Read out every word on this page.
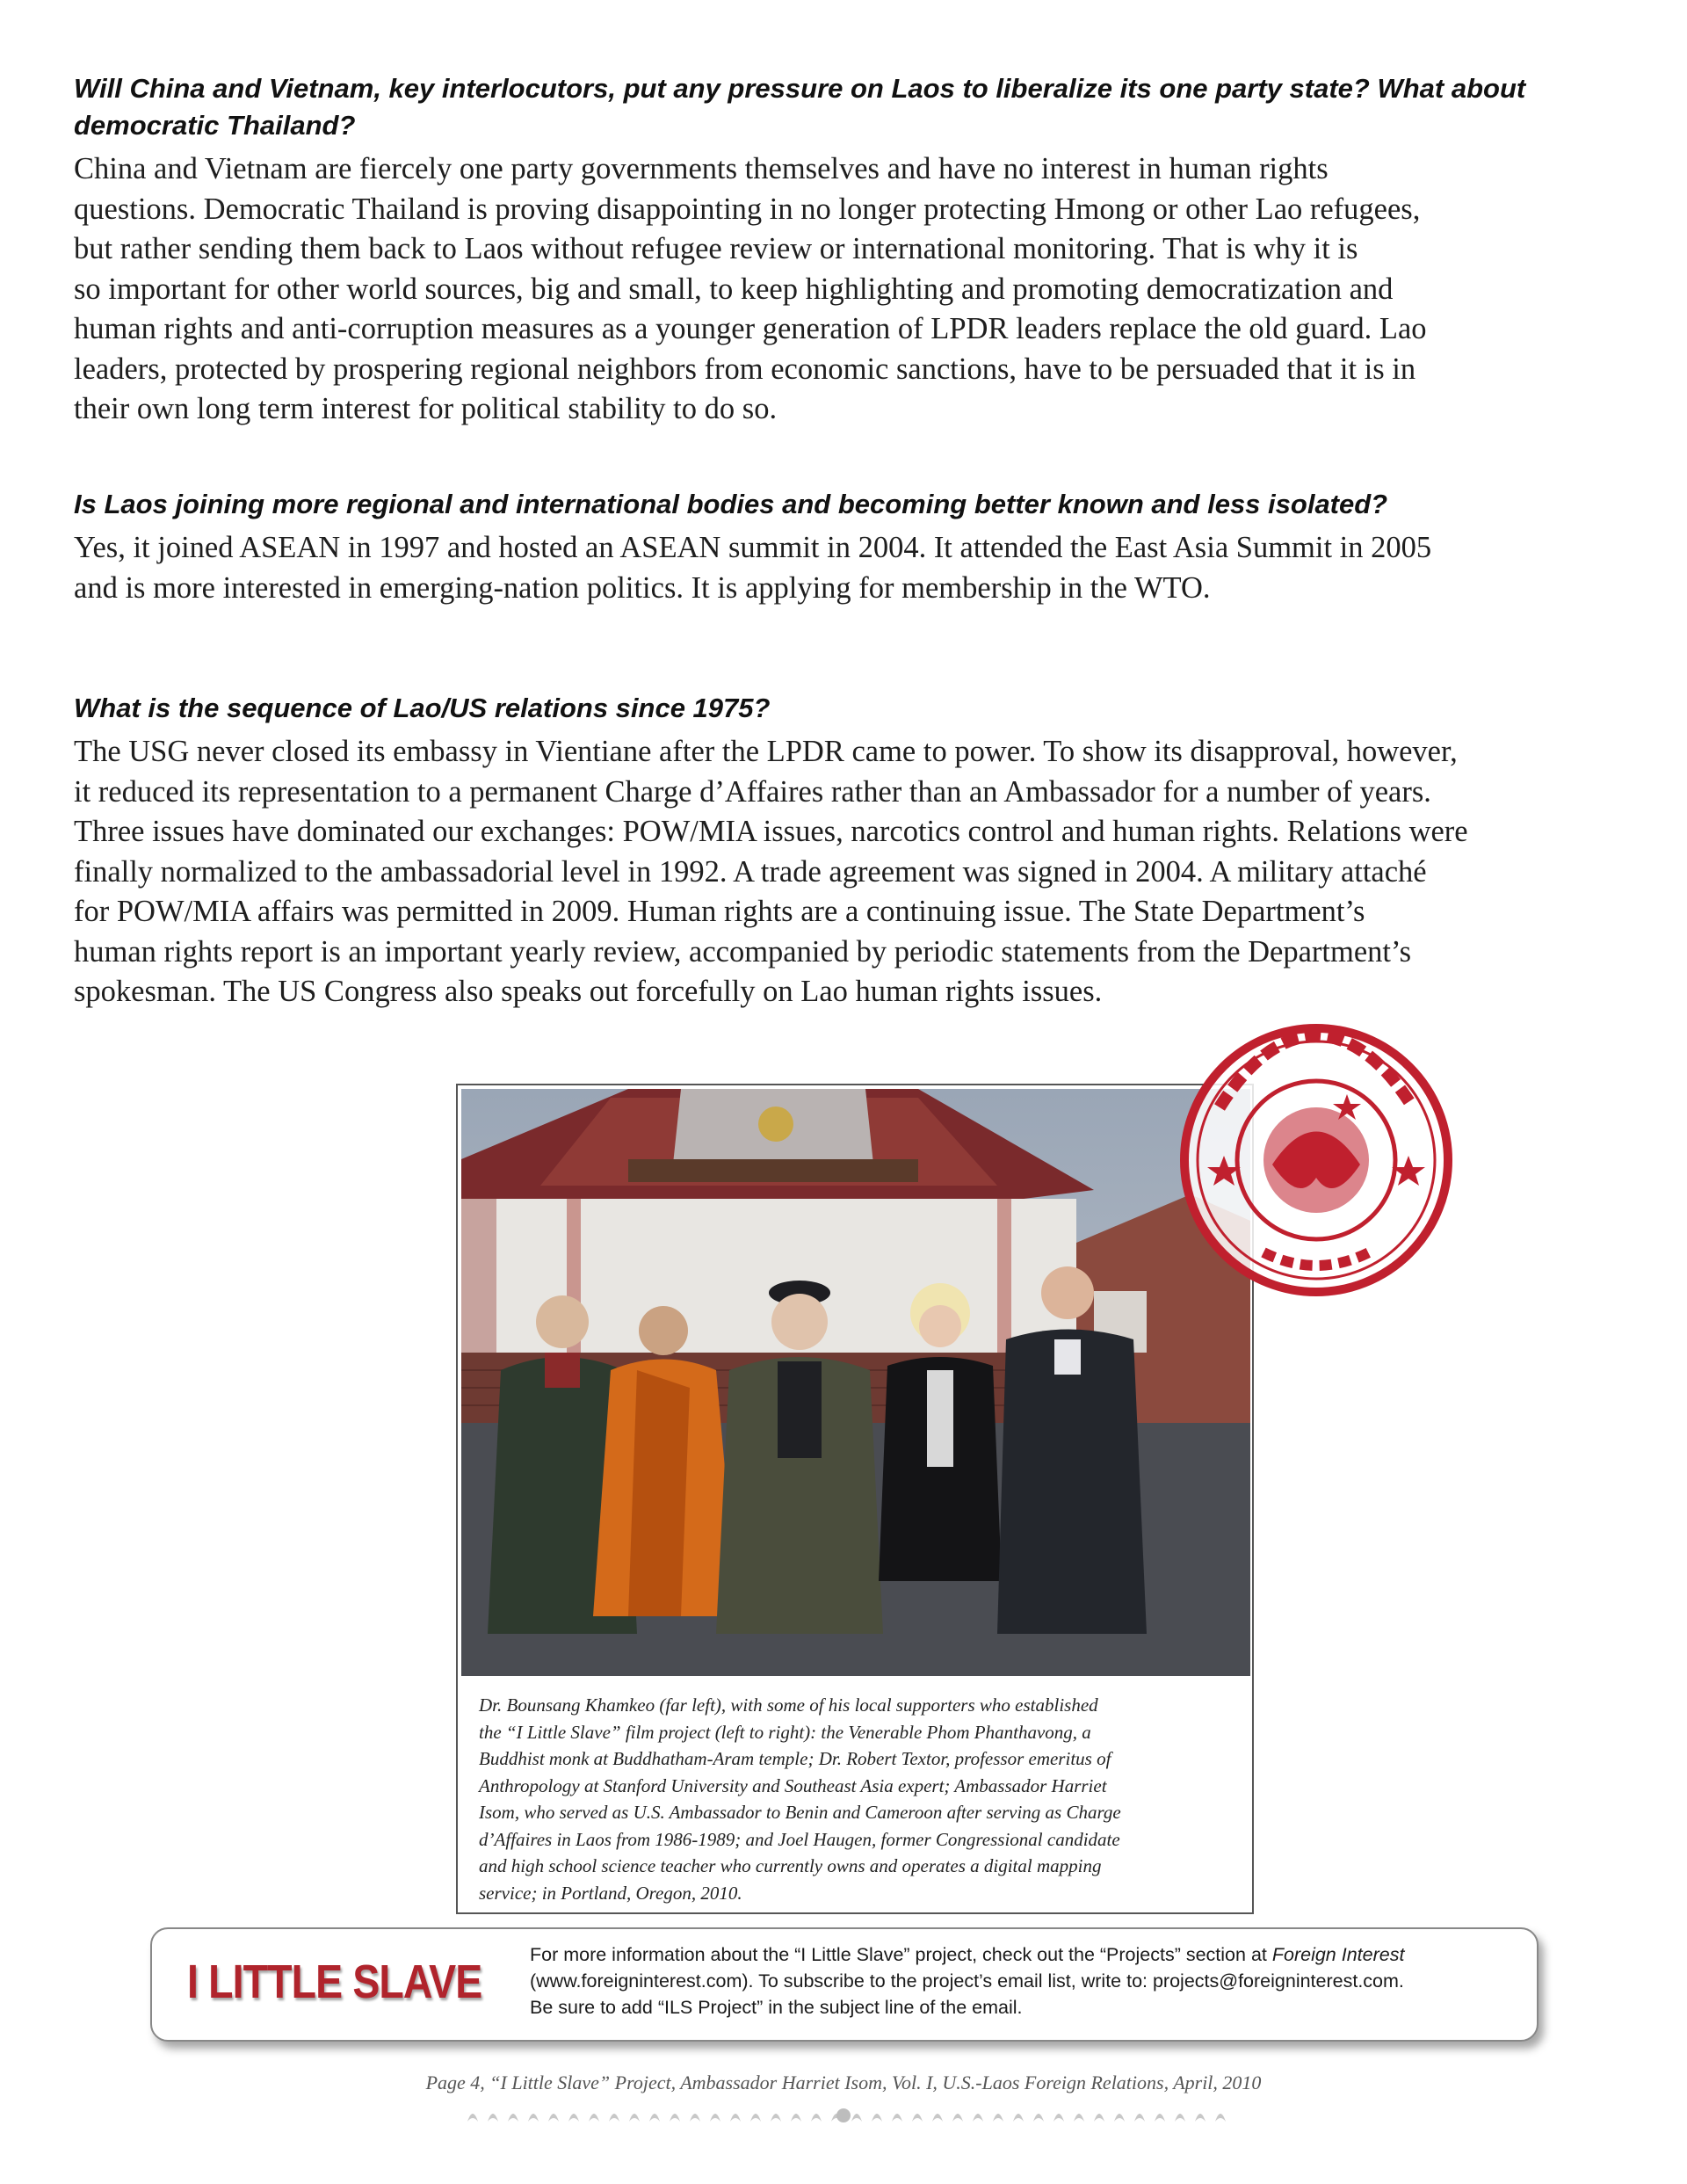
Will China and Vietnam, key interlocutors, put any pressure on Laos to liberalize its one party state? What about democratic Thailand?
China and Vietnam are fiercely one party governments themselves and have no interest in human rights
questions. Democratic Thailand is proving disappointing in no longer protecting Hmong or other Lao refugees,
but rather sending them back to Laos without refugee review or international monitoring. That is why it is
so important for other world sources, big and small, to keep highlighting and promoting democratization and
human rights and anti-corruption measures as a younger generation of LPDR leaders replace the old guard. Lao
leaders, protected by prospering regional neighbors from economic sanctions, have to be persuaded that it is in
their own long term interest for political stability to do so.
Is Laos joining more regional and international bodies and becoming better known and less isolated?
Yes, it joined ASEAN in 1997 and hosted an ASEAN summit in 2004. It attended the East Asia Summit in 2005
and is more interested in emerging-nation politics. It is applying for membership in the WTO.
What is the sequence of Lao/US relations since 1975?
The USG never closed its embassy in Vientiane after the LPDR came to power. To show its disapproval, however,
it reduced its representation to a permanent Charge d’Affaires rather than an Ambassador for a number of years.
Three issues have dominated our exchanges: POW/MIA issues, narcotics control and human rights. Relations were
finally normalized to the ambassadorial level in 1992. A trade agreement was signed in 2004. A military attaché
for POW/MIA affairs was permitted in 2009. Human rights are a continuing issue. The State Department’s
human rights report is an important yearly review, accompanied by periodic statements from the Department’s
spokesman. The US Congress also speaks out forcefully on Lao human rights issues.
Dr. Bounsang Khamkeo (far left), with some of his local supporters who established
the “I Little Slave” film project (left to right): the Venerable Phom Phanthavong, a
Buddhist monk at Buddhatham-Aram temple; Dr. Robert Textor, professor emeritus of
Anthropology at Stanford University and Southeast Asia expert; Ambassador Harriet
Isom, who served as U.S. Ambassador to Benin and Cameroon after serving as Charge
d’Affaires in Laos from 1986-1989; and Joel Haugen, former Congressional candidate
and high school science teacher who currently owns and operates a digital mapping
service; in Portland, Oregon, 2010.
I LITTLE SLAVE
For more information about the “I Little Slave” project, check out the “Projects” section at Foreign Interest
(www.foreigninterest.com). To subscribe to the project’s email list, write to: projects@foreigninterest.com.
Be sure to add “ILS Project” in the subject line of the email.
Page 4, “I Little Slave” Project, Ambassador Harriet Isom, Vol. I, U.S.-Laos Foreign Relations, April, 2010
